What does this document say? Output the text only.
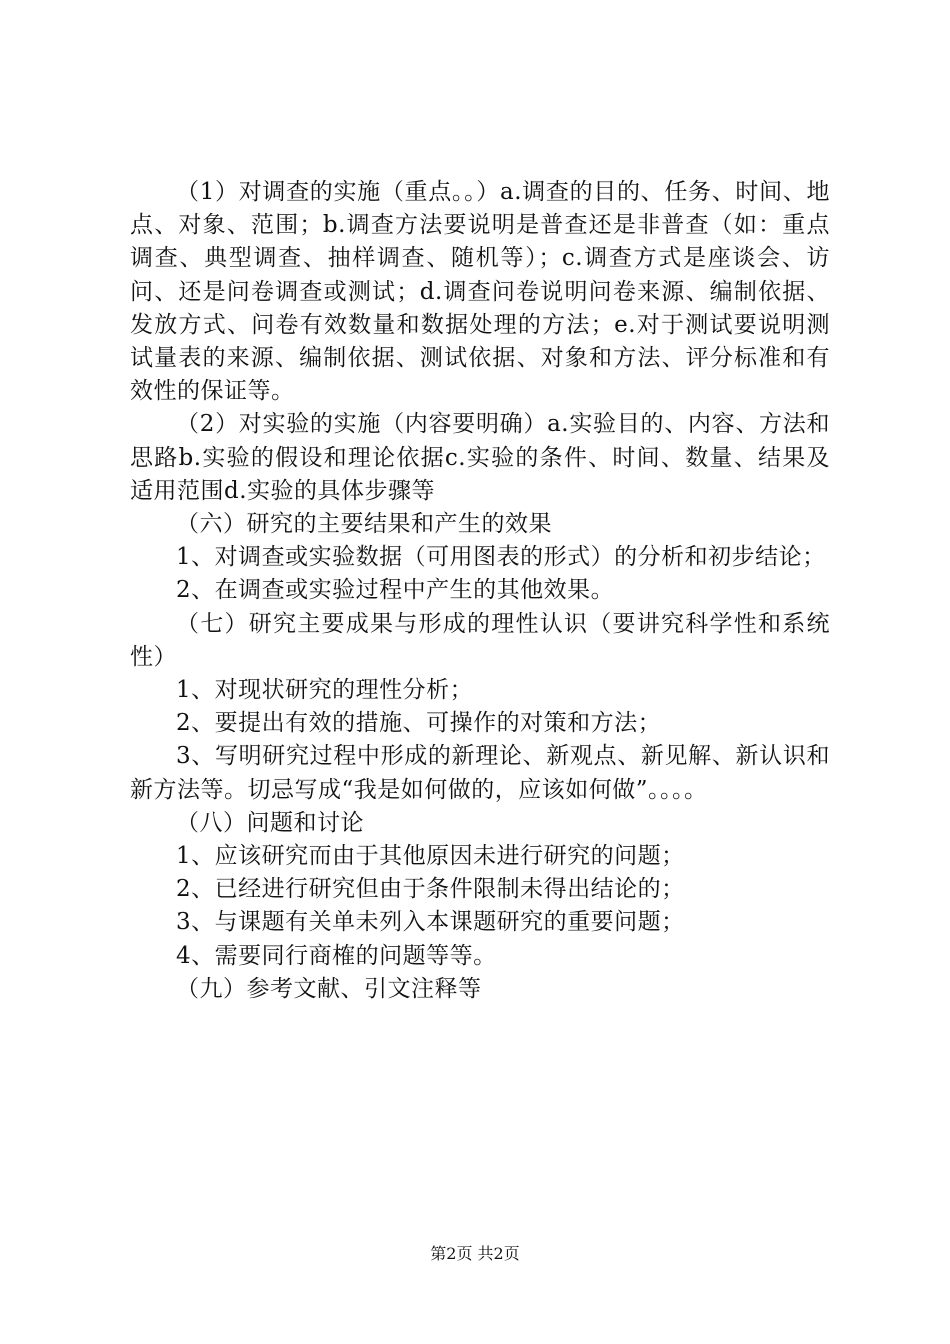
（1）对调查的实施（重点。。）a.调查的目的、任务、时间、地点、对象、范围；b.调查方法要说明是普查还是非普查（如：重点调查、典型调查、抽样调查、随机等）；c.调查方式是座谈会、访问、还是问卷调查或测试；d.调查问卷说明问卷来源、编制依据、发放方式、问卷有效数量和数据处理的方法；e.对于测试要说明测试量表的来源、编制依据、测试依据、对象和方法、评分标准和有效性的保证等。

（2）对实验的实施（内容要明确）a.实验目的、内容、方法和思路b.实验的假设和理论依据c.实验的条件、时间、数量、结果及适用范围d.实验的具体步骤等

（六）研究的主要结果和产生的效果

1、对调查或实验数据（可用图表的形式）的分析和初步结论；

2、在调查或实验过程中产生的其他效果。

（七）研究主要成果与形成的理性认识（要讲究科学性和系统性）

1、对现状研究的理性分析；

2、要提出有效的措施、可操作的对策和方法；

3、写明研究过程中形成的新理论、新观点、新见解、新认识和新方法等。切忌写成“我是如何做的，应该如何做”。。。。

（八）问题和讨论

1、应该研究而由于其他原因未进行研究的问题；

2、已经进行研究但由于条件限制未得出结论的；

3、与课题有关单未列入本课题研究的重要问题；

4、需要同行商榷的问题等等。

（九）参考文献、引文注释等

第2页 共2页
